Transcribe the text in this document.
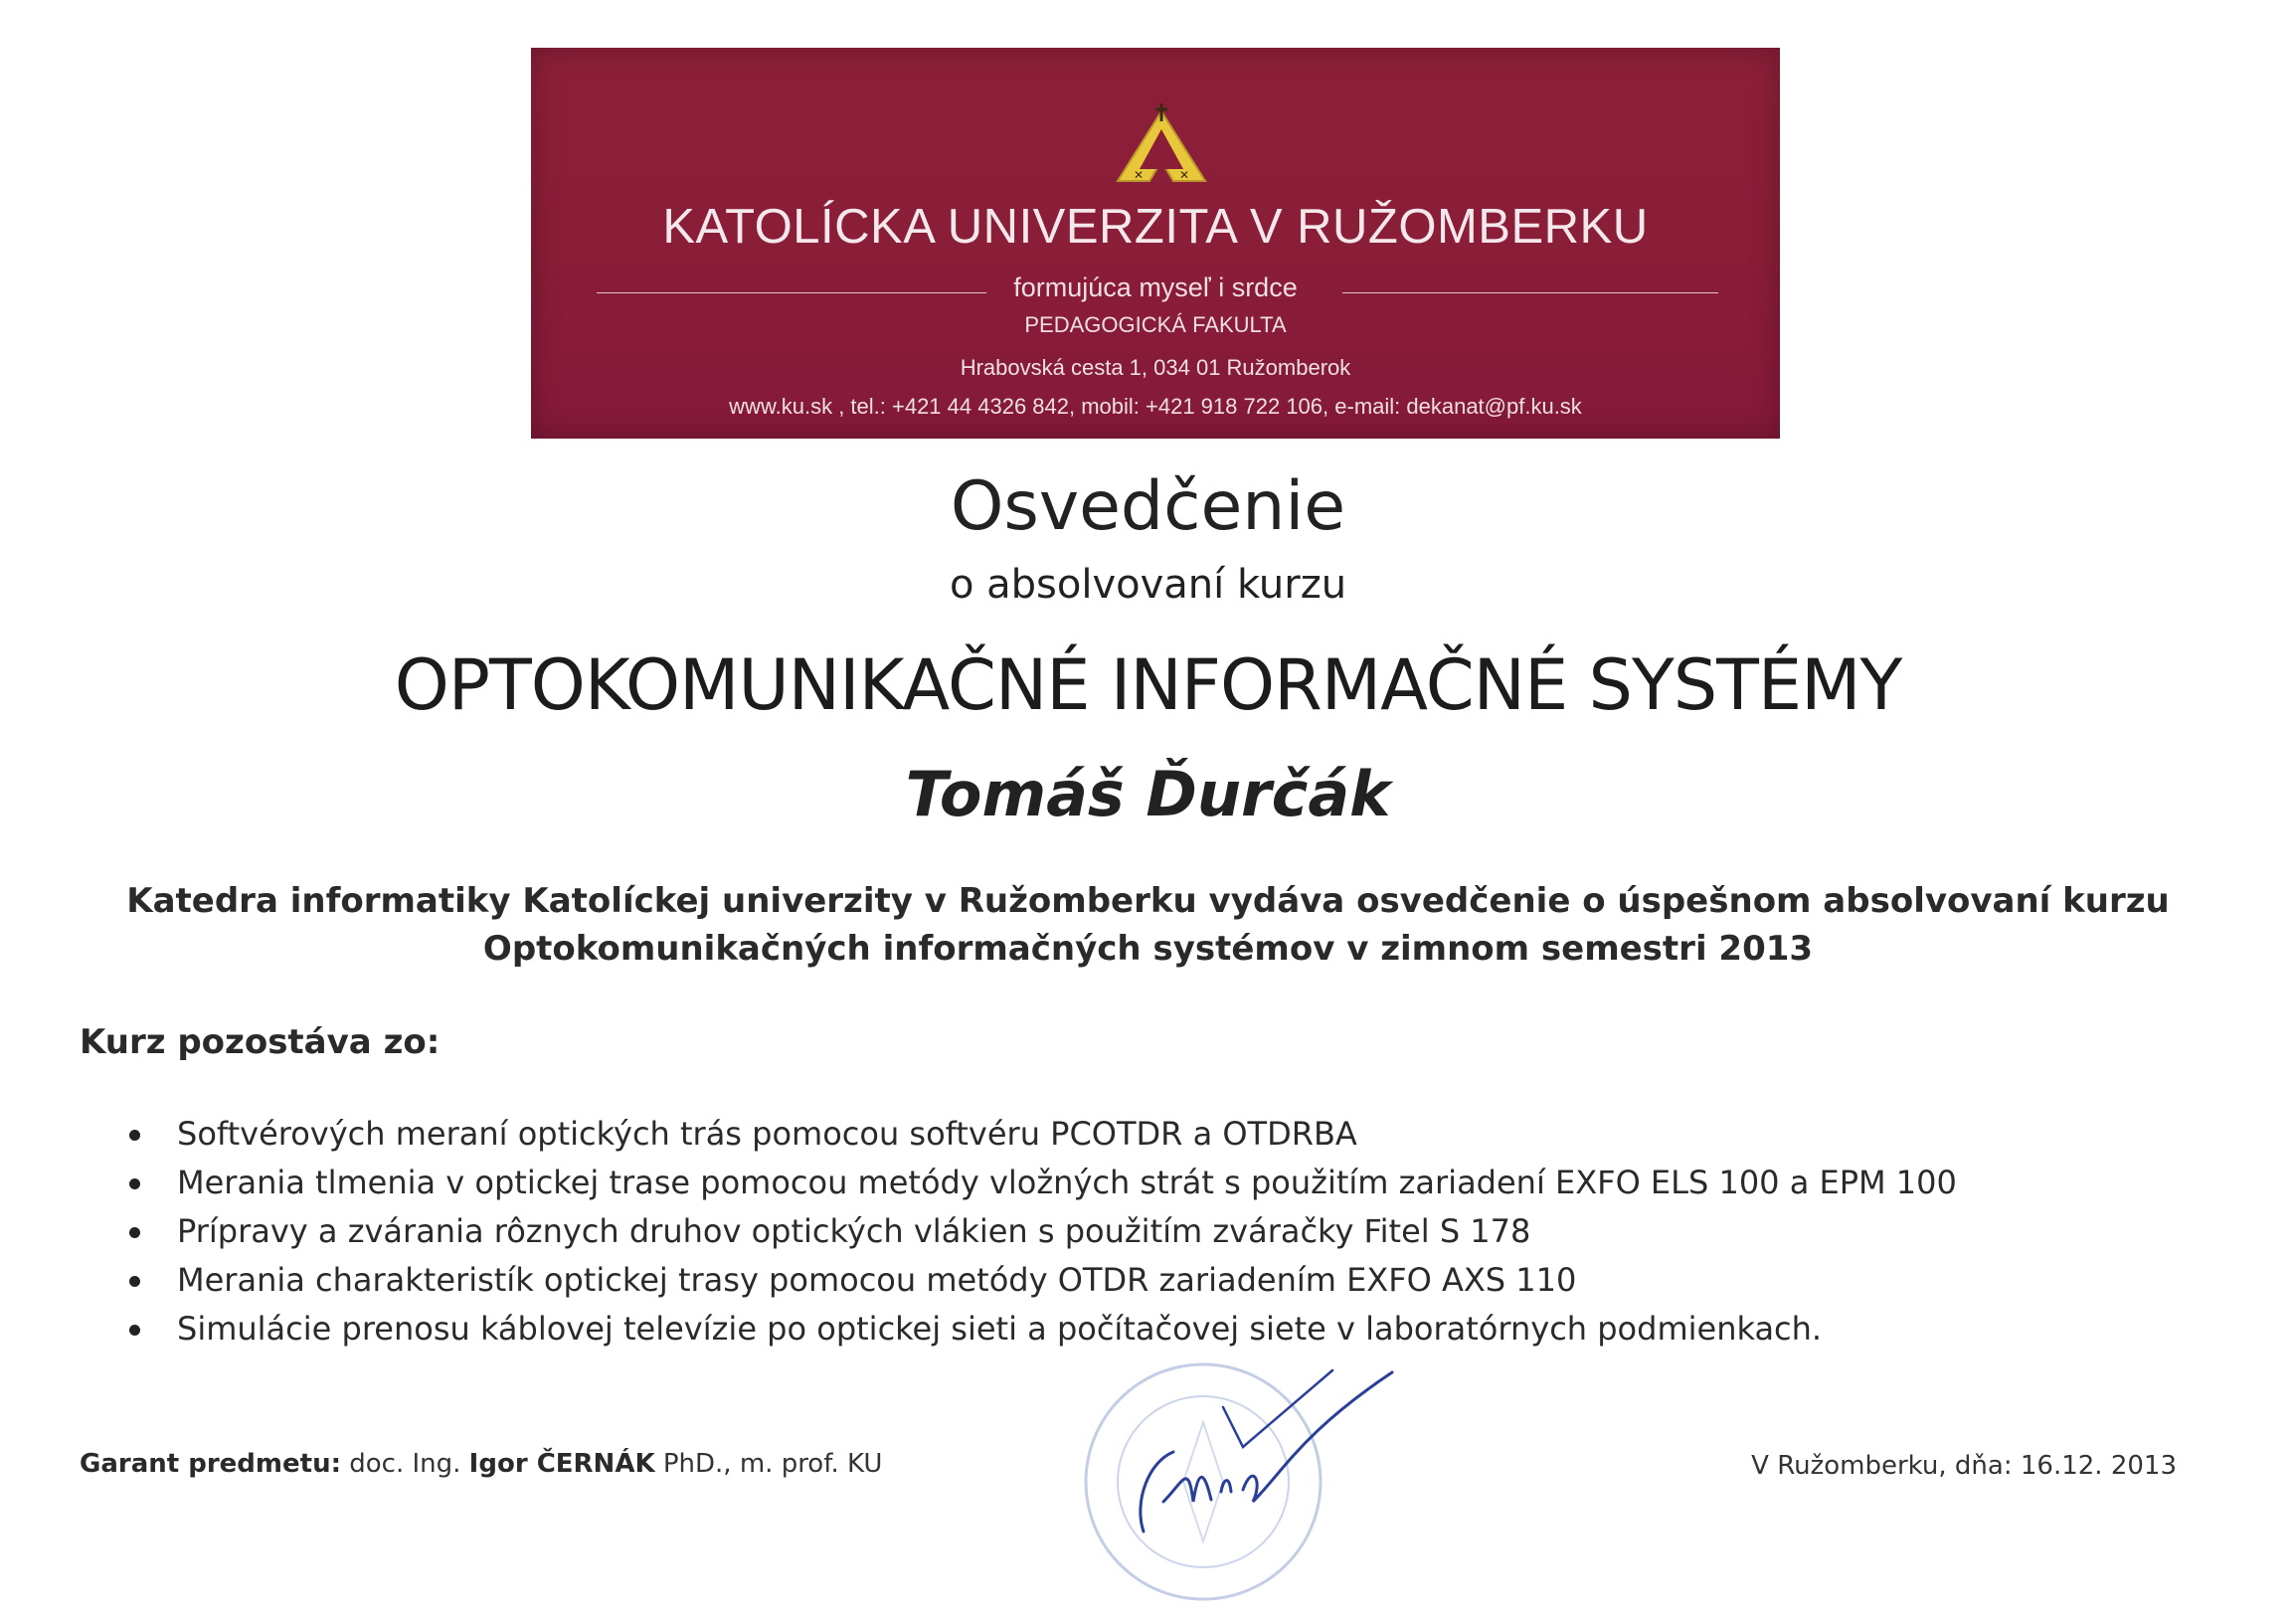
✕	✕
KATOLÍCKA UNIVERZITA V RUŽOMBERKU
formujúca myseľ i srdce
PEDAGOGICKÁ FAKULTA
Hrabovská cesta 1, 034 01 Ružomberok
www.ku.sk , tel.: +421 44 4326 842, mobil: +421 918 722 106, e-mail: dekanat@pf.ku.sk
Osvedčenie
o absolvovaní kurzu
OPTOKOMUNIKAČNÉ INFORMAČNÉ SYSTÉMY
Tomáš Ďurčák
Katedra informatiky Katolíckej univerzity v Ružomberku vydáva osvedčenie o úspešnom absolvovaní kurzu
Optokomunikačných informačných systémov v zimnom semestri 2013
Kurz pozostáva zo:
Softvérových meraní optických trás pomocou softvéru PCOTDR a OTDRBA
Merania tlmenia v optickej trase pomocou metódy vložných strát s použitím zariadení EXFO ELS 100 a EPM 100
Prípravy a zvárania rôznych druhov optických vlákien s použitím zváračky Fitel S 178
Merania charakteristík optickej trasy pomocou metódy OTDR zariadením EXFO AXS 110
Simulácie prenosu káblovej televízie po optickej sieti a počítačovej siete v laboratórnych podmienkach.
Garant predmetu: doc. Ing. Igor ČERNÁK PhD., m. prof. KU	V Ružomberku, dňa: 16.12. 2013
